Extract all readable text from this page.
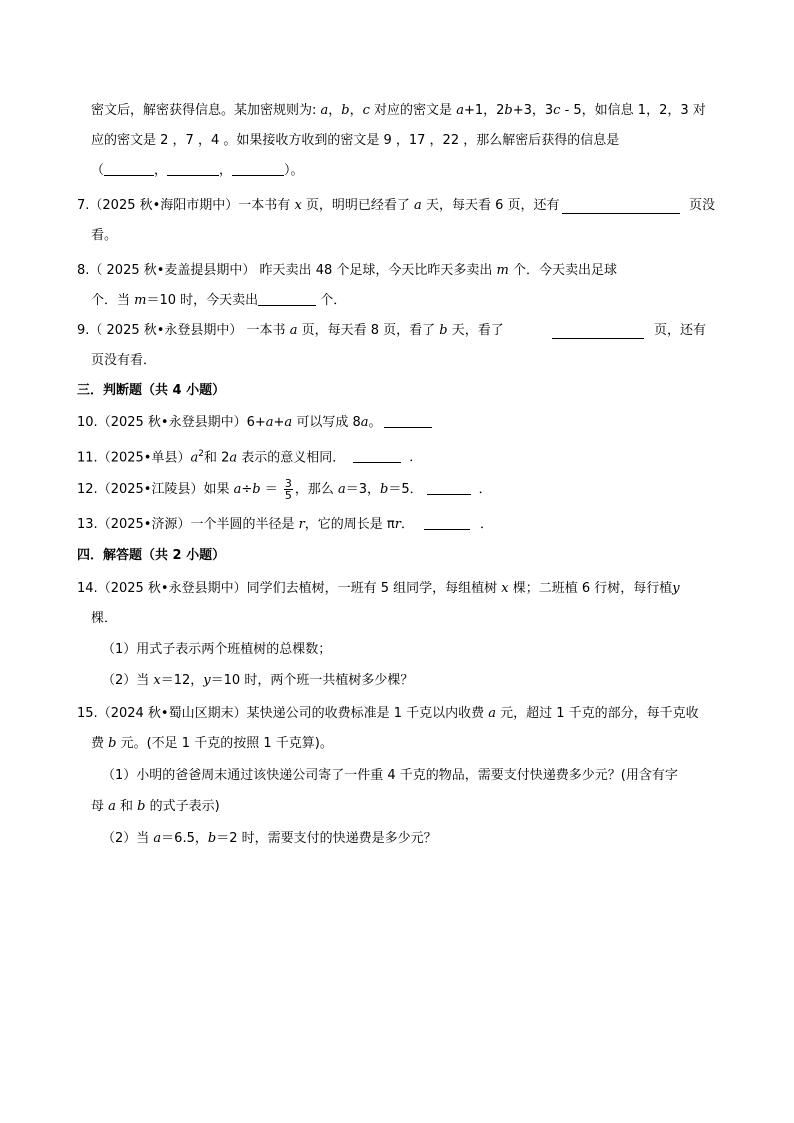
密文后，解密获得信息。某加密规则为: a，b，c 对应的密文是 a+1，2b+3，3c - 5，如信息 1，2，3 对
应的密文是 2 ，7 ，4 。如果接收方收到的密文是 9 ，17 ，22 ，那么解密后获得的信息是
（	，	，	）。
7.（2025 秋•海阳市期中）一本书有 x 页，明明已经看了 a 天，每天看 6 页，还有	页没
看。
8.（ 2025 秋•麦盖提县期中） 昨天卖出 48 个足球，今天比昨天多卖出 m 个．今天卖出足球
个．当 m＝10 时，今天卖出	个．
9.（ 2025 秋•永登县期中） 一本书 a 页，每天看 8 页，看了 b 天，看了	页，还有
页没有看．
三．判断题（共 4 小题）
10.（2025 秋•永登县期中）6+a+a 可以写成 8a。
11.（2025•单县）$a^2$和 2a 表示的意义相同．	．
12.（2025•江陵县）如果 $a\div b = \frac{3}{5}$ ，那么 a＝3，b＝5．	．
13.（2025•济源）一个半圆的半径是 r，它的周长是 πr．	．
四．解答题（共 2 小题）
14.（2025 秋•永登县期中）同学们去植树，一班有 5 组同学，每组植树 x 棵；二班植 6 行树，每行植y
棵．
（1）用式子表示两个班植树的总棵数；
（2）当 x＝12，y＝10 时，两个班一共植树多少棵？
15.（2024 秋•蜀山区期末）某快递公司的收费标准是 1 千克以内收费 a 元，超过 1 千克的部分，每千克收
费 b 元。(不足 1 千克的按照 1 千克算)。
（1）小明的爸爸周末通过该快递公司寄了一件重 4 千克的物品，需要支付快递费多少元？(用含有字
母 a 和 b 的式子表示)
（2）当 a＝6.5，b＝2 时，需要支付的快递费是多少元？
